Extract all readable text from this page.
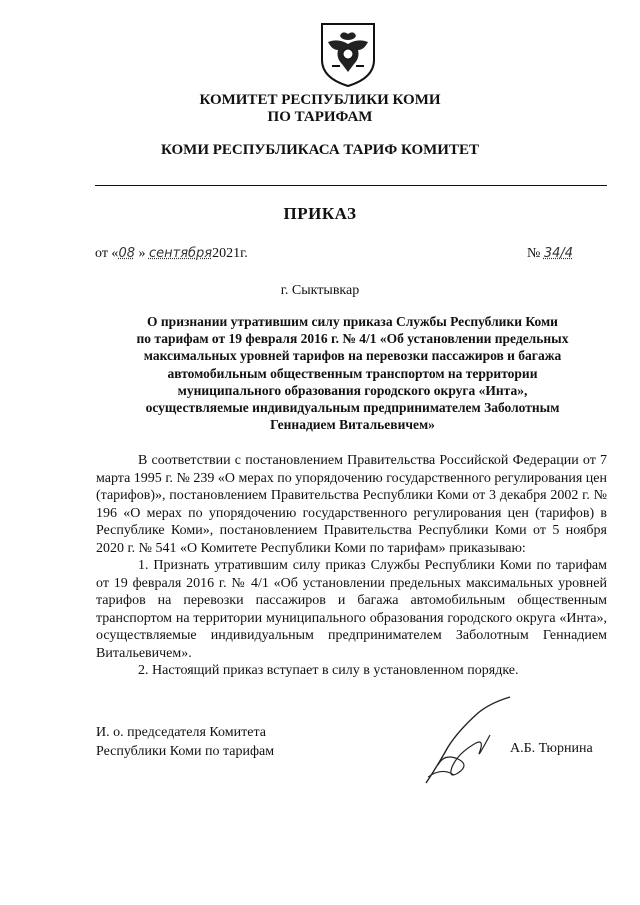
КОМИТЕТ РЕСПУБЛИКИ КОМИ
ПО ТАРИФАМ
КОМИ РЕСПУБЛИКАСА ТАРИФ КОМИТЕТ
ПРИКАЗ
от «08 » сентября2021г.	№ 34/4
г. Сыктывкар
О признании утратившим силу приказа Службы Республики Коми
по тарифам от 19 февраля 2016 г. № 4/1 «Об установлении предельных
максимальных уровней тарифов на перевозки пассажиров и багажа
автомобильным общественным транспортом на территории
муниципального образования городского округа «Инта»,
осуществляемые индивидуальным предпринимателем Заболотным
Геннадием Витальевичем»

В соответствии с постановлением Правительства Российской Федерации от 7 марта 1995 г. № 239 «О мерах по упорядочению государственного регулирования цен (тарифов)», постановлением Правительства Республики Коми от 3 декабря 2002 г. № 196 «О мерах по упорядочению государственного регулирования цен (тарифов) в Республике Коми», постановлением Правительства Республики Коми от 5 ноября 2020 г. № 541 «О Комитете Республики Коми по тарифам» приказываю:

1. Признать утратившим силу приказ Службы Республики Коми по тарифам от 19 февраля 2016 г. № 4/1 «Об установлении предельных максимальных уровней тарифов на перевозки пассажиров и багажа автомобильным общественным транспортом на территории муниципального образования городского округа «Инта», осуществляемые индивидуальным предпринимателем Заболотным Геннадием Витальевичем».

2. Настоящий приказ вступает в силу в установленном порядке.

И. о. председателя Комитета
Республики Коми по тарифам	А.Б. Тюрнина
